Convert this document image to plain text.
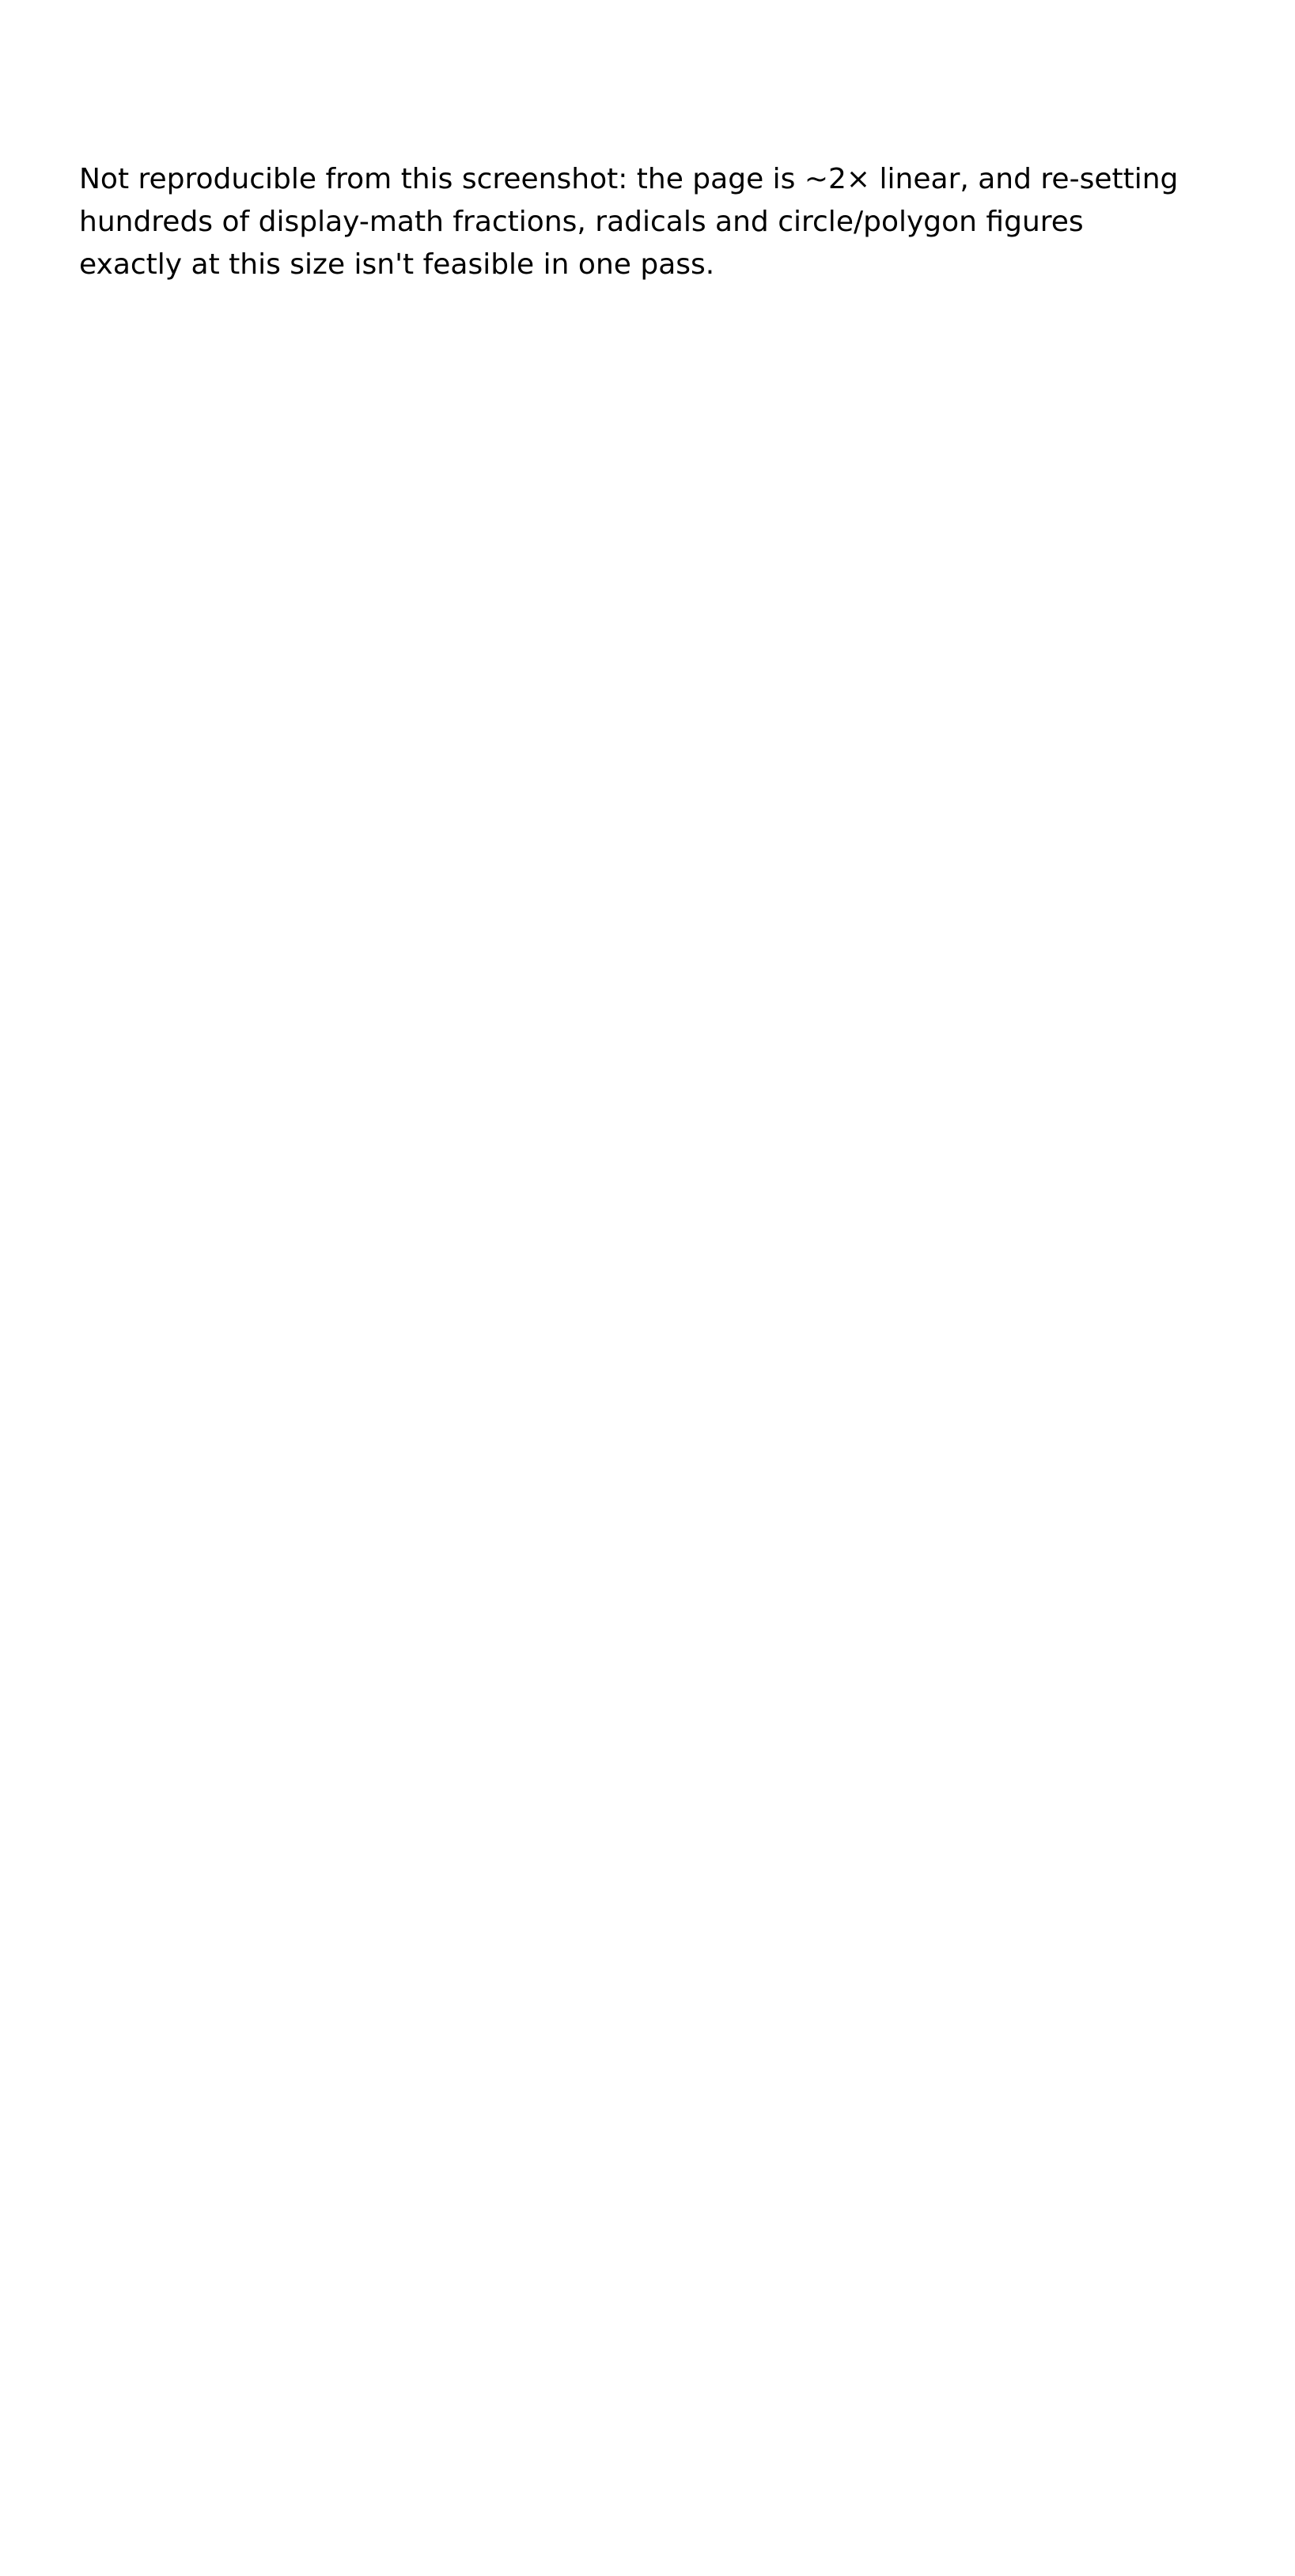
Not reproducible from this screenshot: the page is ~2× linear, and re-setting hundreds of display-math fractions, radicals and circle/polygon figures exactly at this size isn't feasible in one pass.
